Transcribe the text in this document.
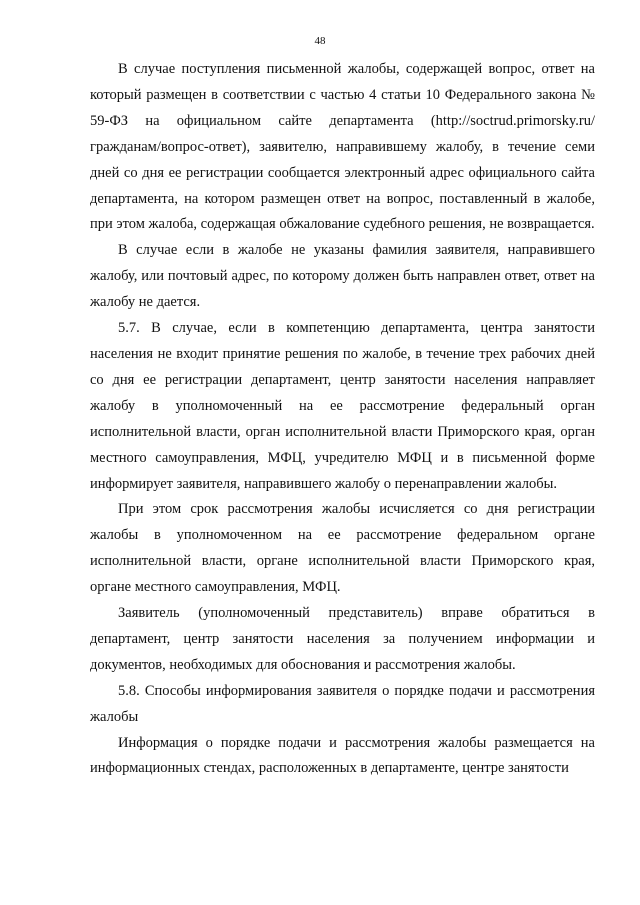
48

В случае поступления письменной жалобы, содержащей вопрос, ответ на который размещен в соответствии с частью 4 статьи 10 Федерального закона № 59-ФЗ на официальном сайте департамента (http://soctrud.primorsky.ru/ гражданам/вопрос-ответ), заявителю, направившему жалобу, в течение семи дней со дня ее регистрации сообщается электронный адрес официального сайта департамента, на котором размещен ответ на вопрос, поставленный в жалобе, при этом жалоба, содержащая обжалование судебного решения, не возвращается.

В случае если в жалобе не указаны фамилия заявителя, направившего жалобу, или почтовый адрес, по которому должен быть направлен ответ, ответ на жалобу не дается.

5.7. В случае, если в компетенцию департамента, центра занятости населения не входит принятие решения по жалобе, в течение трех рабочих дней со дня ее регистрации департамент, центр занятости населения направляет жалобу в уполномоченный на ее рассмотрение федеральный орган исполнительной власти, орган исполнительной власти Приморского края, орган местного самоуправления, МФЦ, учредителю МФЦ и в письменной форме информирует заявителя, направившего жалобу о перенаправлении жалобы.

При этом срок рассмотрения жалобы исчисляется со дня регистрации жалобы в уполномоченном на ее рассмотрение федеральном органе исполнительной власти, органе исполнительной власти Приморского края, органе местного самоуправления, МФЦ.

Заявитель (уполномоченный представитель) вправе обратиться в департамент, центр занятости населения за получением информации и документов, необходимых для обоснования и рассмотрения жалобы.

5.8. Способы информирования заявителя о порядке подачи и рассмотрения жалобы

Информация о порядке подачи и рассмотрения жалобы размещается на информационных стендах, расположенных в департаменте, центре занятости
